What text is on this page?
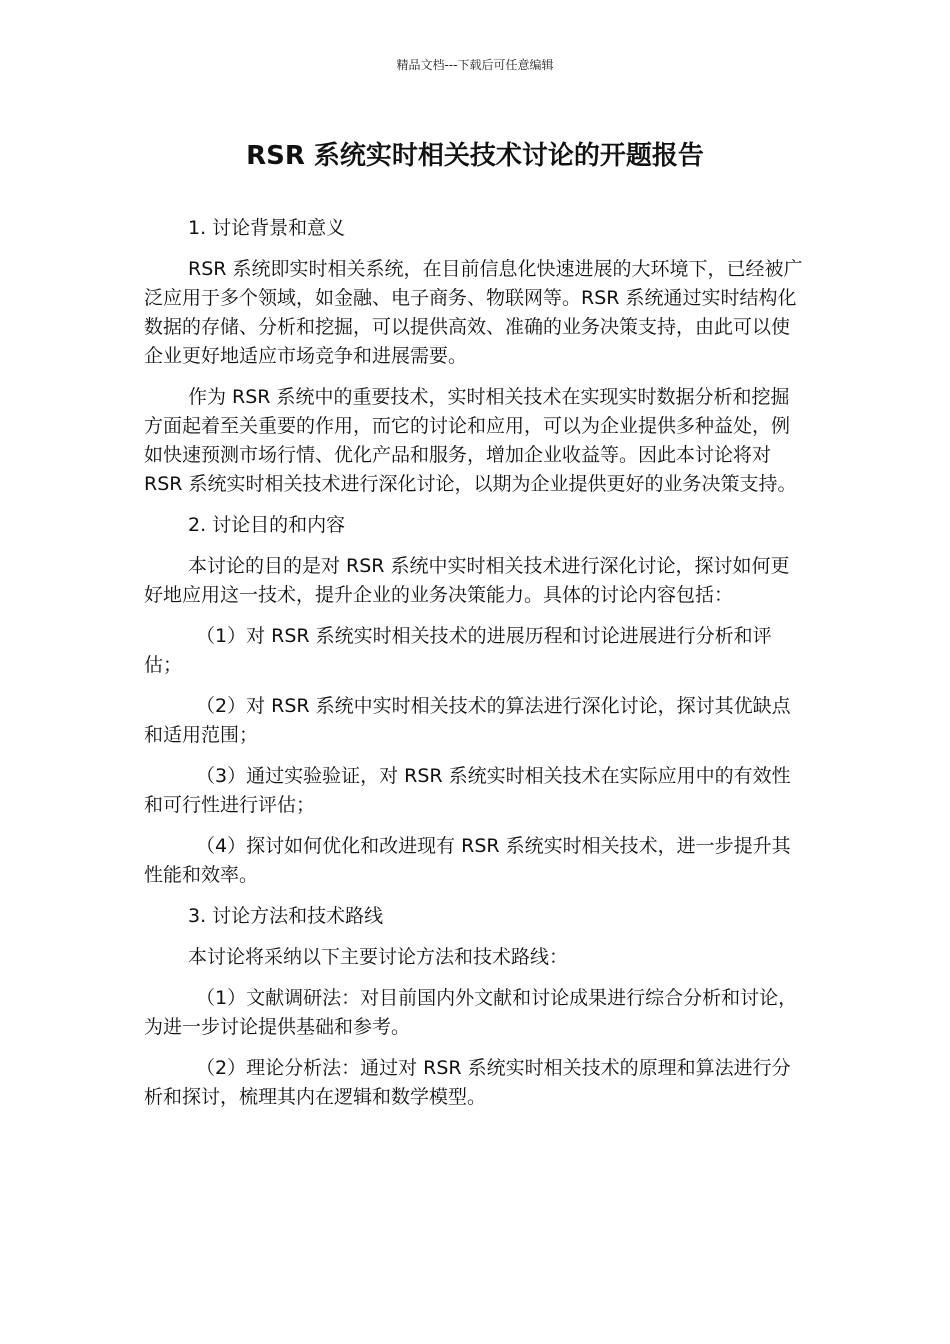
精品文档---下载后可任意编辑
RSR 系统实时相关技术讨论的开题报告

1. 讨论背景和意义

RSR 系统即实时相关系统，在目前信息化快速进展的大环境下，已经被广泛应用于多个领域，如金融、电子商务、物联网等。RSR 系统通过实时结构化数据的存储、分析和挖掘，可以提供高效、准确的业务决策支持，由此可以使企业更好地适应市场竞争和进展需要。

作为 RSR 系统中的重要技术，实时相关技术在实现实时数据分析和挖掘方面起着至关重要的作用，而它的讨论和应用，可以为企业提供多种益处，例如快速预测市场行情、优化产品和服务，增加企业收益等。因此本讨论将对 RSR 系统实时相关技术进行深化讨论，以期为企业提供更好的业务决策支持。

2. 讨论目的和内容

本讨论的目的是对 RSR 系统中实时相关技术进行深化讨论，探讨如何更好地应用这一技术，提升企业的业务决策能力。具体的讨论内容包括：

（1）对 RSR 系统实时相关技术的进展历程和讨论进展进行分析和评估；

（2）对 RSR 系统中实时相关技术的算法进行深化讨论，探讨其优缺点和适用范围；

（3）通过实验验证，对 RSR 系统实时相关技术在实际应用中的有效性和可行性进行评估；

（4）探讨如何优化和改进现有 RSR 系统实时相关技术，进一步提升其性能和效率。

3. 讨论方法和技术路线

本讨论将采纳以下主要讨论方法和技术路线：

（1）文献调研法：对目前国内外文献和讨论成果进行综合分析和讨论，为进一步讨论提供基础和参考。

（2）理论分析法：通过对 RSR 系统实时相关技术的原理和算法进行分析和探讨，梳理其内在逻辑和数学模型。
